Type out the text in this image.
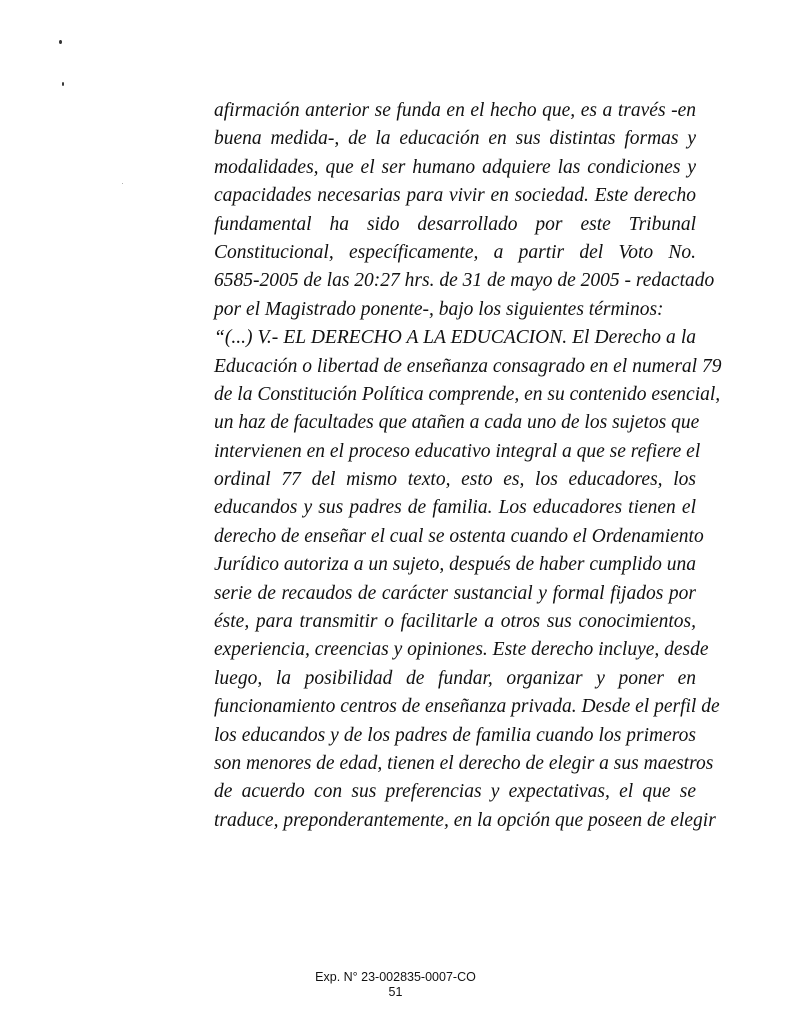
afirmación anterior se funda en el hecho que, es a través -en
buena medida-, de la educación en sus distintas formas y
modalidades, que el ser humano adquiere las condiciones y
capacidades necesarias para vivir en sociedad. Este derecho
fundamental ha sido desarrollado por este Tribunal
Constitucional, específicamente, a partir del Voto No.
6585-2005 de las 20:27 hrs. de 31 de mayo de 2005 - redactado
por el Magistrado ponente-, bajo los siguientes términos:
“(...) V.- EL DERECHO A LA EDUCACION. El Derecho a la
Educación o libertad de enseñanza consagrado en el numeral 79
de la Constitución Política comprende, en su contenido esencial,
un haz de facultades que atañen a cada uno de los sujetos que
intervienen en el proceso educativo integral a que se refiere el
ordinal 77 del mismo texto, esto es, los educadores, los
educandos y sus padres de familia. Los educadores tienen el
derecho de enseñar el cual se ostenta cuando el Ordenamiento
Jurídico autoriza a un sujeto, después de haber cumplido una
serie de recaudos de carácter sustancial y formal fijados por
éste, para transmitir o facilitarle a otros sus conocimientos,
experiencia, creencias y opiniones. Este derecho incluye, desde
luego, la posibilidad de fundar, organizar y poner en
funcionamiento centros de enseñanza privada. Desde el perfil de
los educandos y de los padres de familia cuando los primeros
son menores de edad, tienen el derecho de elegir a sus maestros
de acuerdo con sus preferencias y expectativas, el que se
traduce, preponderantemente, en la opción que poseen de elegir
Exp. N° 23-002835-0007-CO
51
